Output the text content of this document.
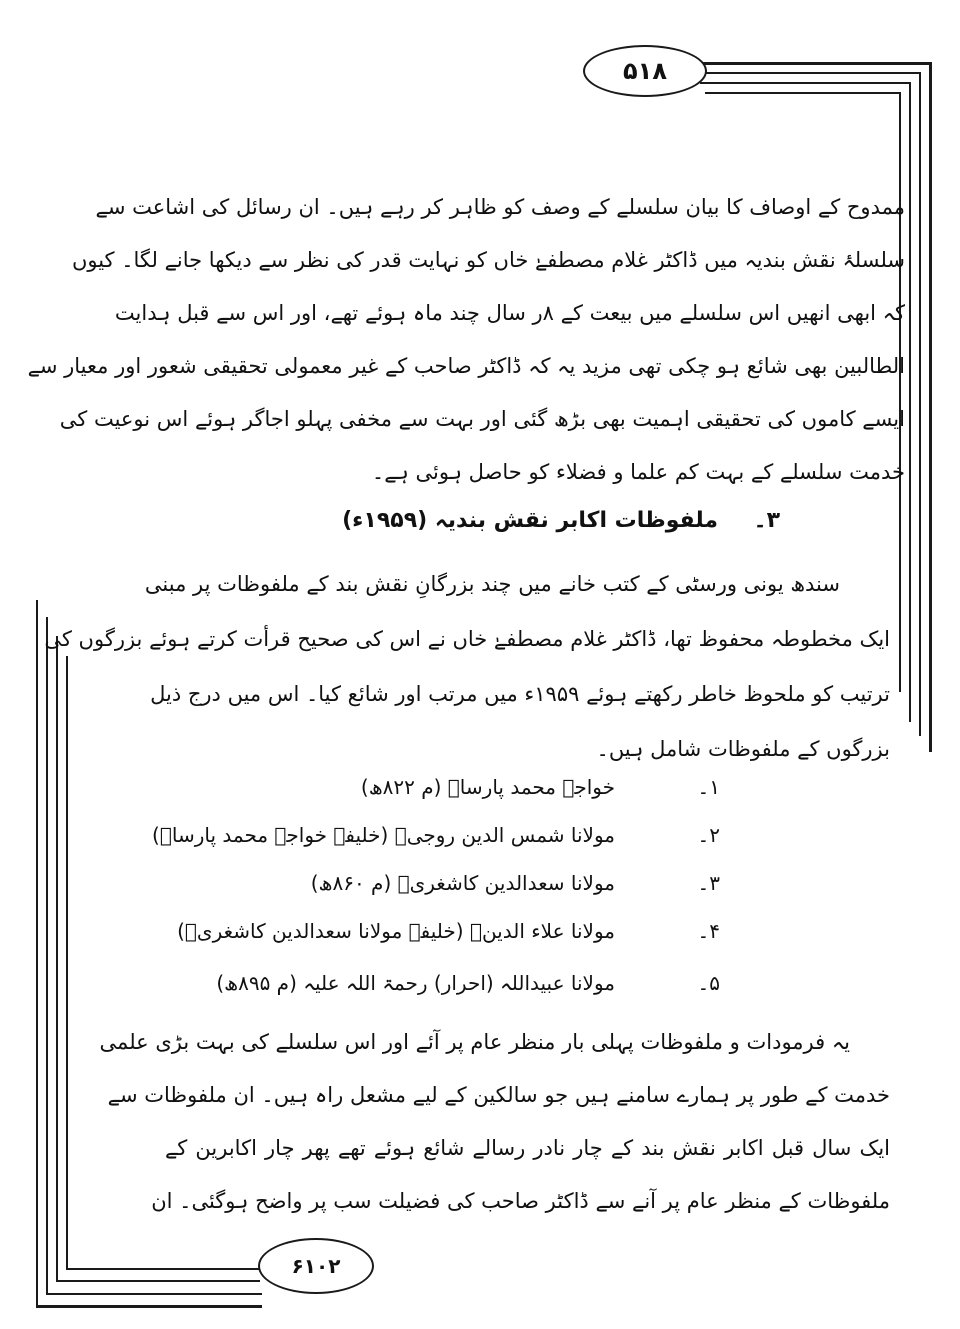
۵۱۸
۶۱۰۲
ممدوح کے اوصاف کا بیان سلسلے کے وصف کو ظاہر کر رہے ہیں۔ ان رسائل کی اشاعت سے
سلسلۂ نقش بندیہ میں ڈاکٹر غلام مصطفےٰ خاں کو نہایت قدر کی نظر سے دیکھا جانے لگا۔ کیوں
کہ ابھی انھیں اس سلسلے میں بیعت کے ۸ر سال چند ماہ ہوئے تھے، اور اس سے قبل ہدایت
الطالبین بھی شائع ہو چکی تھی مزید یہ کہ ڈاکٹر صاحب کے غیر معمولی تحقیقی شعور اور معیار سے
ایسے کاموں کی تحقیقی اہمیت بھی بڑھ گئی اور بہت سے مخفی پہلو اجاگر ہوئے اس نوعیت کی
خدمت سلسلے کے بہت کم علما و فضلاء کو حاصل ہوئی ہے۔
۳۔
ملفوظات اکابر نقش بندیہ (۱۹۵۹ء)
سندھ یونی ورسٹی کے کتب خانے میں چند بزرگانِ نقش بند کے ملفوظات پر مبنی
ایک مخطوطہ محفوظ تھا، ڈاکٹر غلام مصطفےٰ خاں نے اس کی صحیح قرأت کرتے ہوئے بزرگوں کی
ترتیب کو ملحوظ خاطر رکھتے ہوئے ۱۹۵۹ء میں مرتب اور شائع کیا۔ اس میں درج ذیل
بزرگوں کے ملفوظات شامل ہیں۔
۱۔
خواجہ محمد پارساؒ (م ۸۲۲ھ)
۲۔
مولانا شمس الدین روجیؒ (خلیفہ خواجہ محمد پارساؒ)
۳۔
مولانا سعدالدین کاشغریؒ (م ۸۶۰ھ)
۴۔
مولانا علاء الدینؒ (خلیفہ مولانا سعدالدین کاشغریؒ)
۵۔
مولانا عبیداللہ (احرار) رحمۃ اللہ علیہ (م ۸۹۵ھ)
یہ فرمودات و ملفوظات پہلی بار منظر عام پر آئے اور اس سلسلے کی بہت بڑی علمی
خدمت کے طور پر ہمارے سامنے ہیں جو سالکین کے لیے مشعل راہ ہیں۔ ان ملفوظات سے
ایک سال قبل اکابر نقش بند کے چار نادر رسالے شائع ہوئے تھے پھر چار اکابرین کے
ملفوظات کے منظر عام پر آنے سے ڈاکٹر صاحب کی فضیلت سب پر واضح ہوگئی۔ ان
